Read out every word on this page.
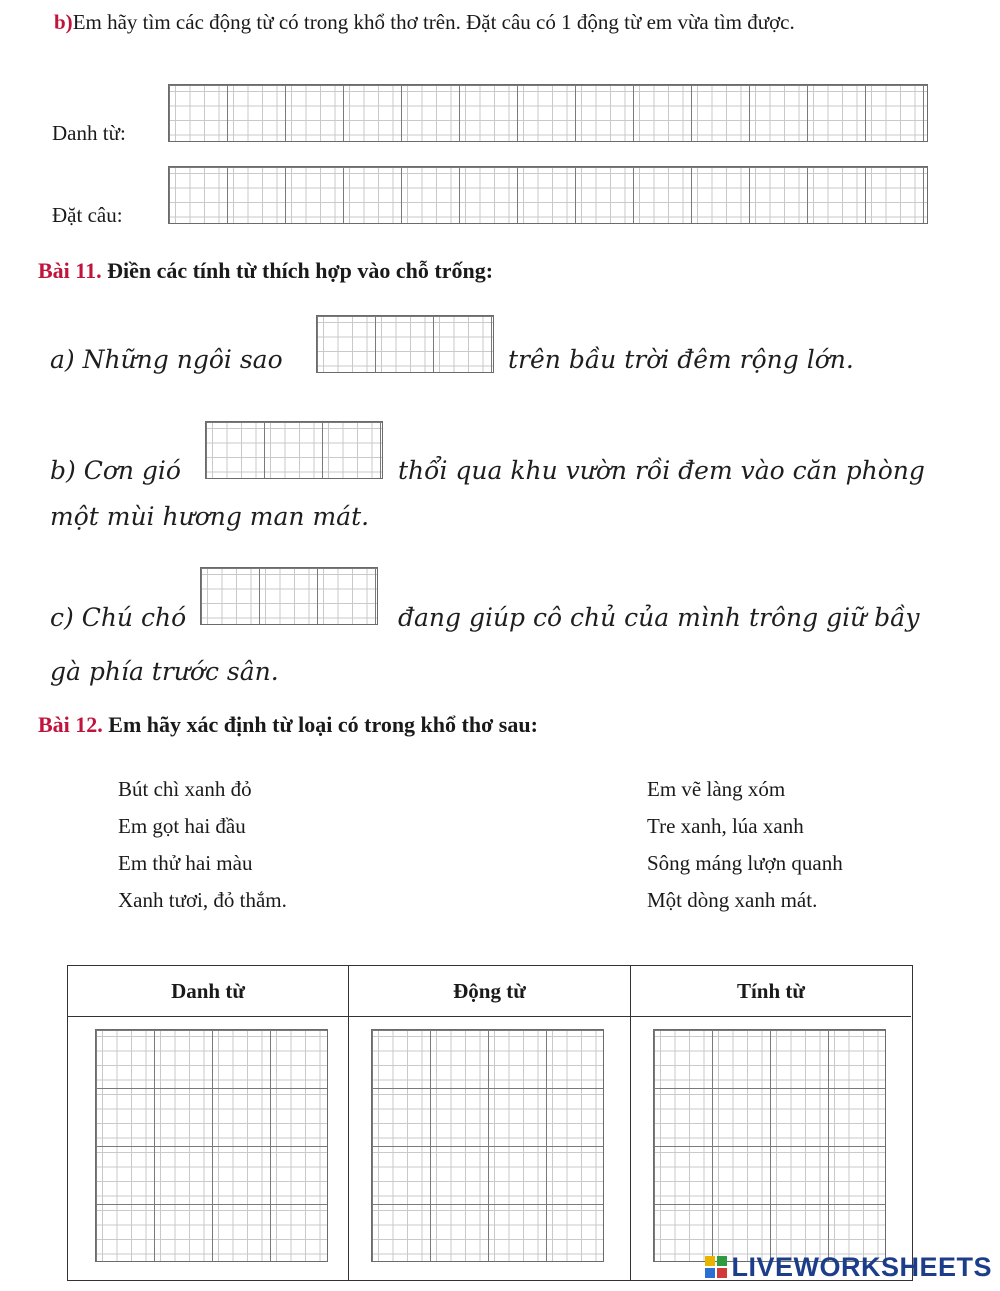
b)Em hãy tìm các động từ có trong khổ thơ trên. Đặt câu có 1 động từ em vừa tìm được.
Danh từ:
Đặt câu:
Bài 11. Điền các tính từ thích hợp vào chỗ trống:
a) Những ngôi sao	trên bầu trời đêm rộng lớn.
b) Cơn gió	thổi qua khu vườn rồi đem vào căn phòng
một mùi hương man mát.
c) Chú chó	đang giúp cô chủ của mình trông giữ bầy
gà phía trước sân.
Bài 12. Em hãy xác định từ loại có trong khổ thơ sau:
Bút chì xanh đỏ
Em gọt hai đầu
Em thử hai màu
Xanh tươi, đỏ thắm.
Em vẽ làng xóm
Tre xanh, lúa xanh
Sông máng lượn quanh
Một dòng xanh mát.
Danh từ	Động từ	Tính từ
LIVEWORKSHEETS
